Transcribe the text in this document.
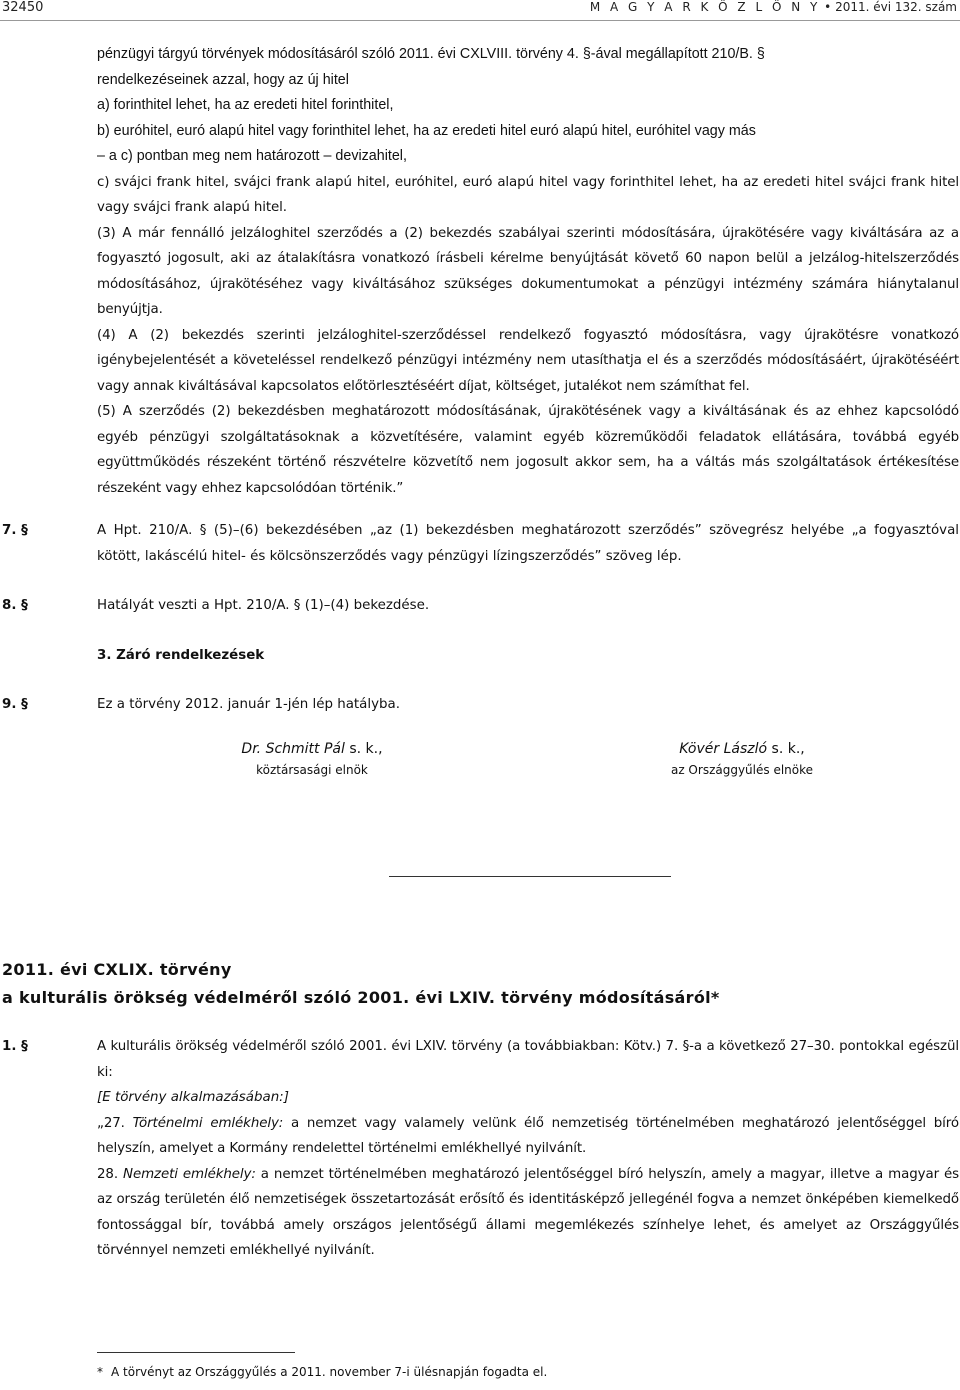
32450	M A G Y A R K Ö Z L Ö N Y • 2011. évi 132. szám

pénzügyi tárgyú törvények módosításáról szóló 2011. évi CXLVIII. törvény 4. §-ával megállapított 210/B. §

rendelkezéseinek azzal, hogy az új hitel

a) forinthitel lehet, ha az eredeti hitel forinthitel,

b) euróhitel, euró alapú hitel vagy forinthitel lehet, ha az eredeti hitel euró alapú hitel, euróhitel vagy más

– a c) pontban meg nem határozott – devizahitel,

c) svájci frank hitel, svájci frank alapú hitel, euróhitel, euró alapú hitel vagy forinthitel lehet, ha az eredeti hitel svájci frank hitel vagy svájci frank alapú hitel.

(3) A már fennálló jelzáloghitel szerződés a (2) bekezdés szabályai szerinti módosítására, újrakötésére vagy kiváltására az a fogyasztó jogosult, aki az átalakításra vonatkozó írásbeli kérelme benyújtását követő 60 napon belül a jelzálog-hitelszerződés módosításához, újrakötéséhez vagy kiváltásához szükséges dokumentumokat a pénzügyi intézmény számára hiánytalanul benyújtja.

(4) A (2) bekezdés szerinti jelzáloghitel-szerződéssel rendelkező fogyasztó módosításra, vagy újrakötésre vonatkozó igénybejelentését a követeléssel rendelkező pénzügyi intézmény nem utasíthatja el és a szerződés módosításáért, újrakötéséért vagy annak kiváltásával kapcsolatos előtörlesztéséért díjat, költséget, jutalékot nem számíthat fel.

(5) A szerződés (2) bekezdésben meghatározott módosításának, újrakötésének vagy a kiváltásának és az ehhez kapcsolódó egyéb pénzügyi szolgáltatásoknak a közvetítésére, valamint egyéb közreműködői feladatok ellátására, továbbá egyéb együttműködés részeként történő részvételre közvetítő nem jogosult akkor sem, ha a váltás más szolgáltatások értékesítése részeként vagy ehhez kapcsolódóan történik.”

7. §	A Hpt. 210/A. § (5)–(6) bekezdésében „az (1) bekezdésben meghatározott szerződés” szövegrész helyébe „a fogyasztóval kötött, lakáscélú hitel- és kölcsönszerződés vagy pénzügyi lízingszerződés” szöveg lép.

8. §	Hatályát veszti a Hpt. 210/A. § (1)–(4) bekezdése.

3. Záró rendelkezések
9. §	Ez a törvény 2012. január 1-jén lép hatályba.

Dr. Schmitt Pál s. k.,
köztársasági elnök
Kövér László s. k.,
az Országgyűlés elnöke
2011. évi CXLIX. törvény
a kulturális örökség védelméről szóló 2001. évi LXIV. törvény módosításáról*
1. §	A kulturális örökség védelméről szóló 2001. évi LXIV. törvény (a továbbiakban: Kötv.) 7. §-a a következő 27–30. pontokkal egészül ki:

[E törvény alkalmazásában:]

„27. Történelmi emlékhely: a nemzet vagy valamely velünk élő nemzetiség történelmében meghatározó jelentőséggel bíró helyszín, amelyet a Kormány rendelettel történelmi emlékhellyé nyilvánít.

28. Nemzeti emlékhely: a nemzet történelmében meghatározó jelentőséggel bíró helyszín, amely a magyar, illetve a magyar és az ország területén élő nemzetiségek összetartozását erősítő és identitásképző jellegénél fogva a nemzet önképében kiemelkedő fontossággal bír, továbbá amely országos jelentőségű állami megemlékezés színhelye lehet, és amelyet az Országgyűlés törvénnyel nemzeti emlékhellyé nyilvánít.

* A törvényt az Országgyűlés a 2011. november 7-i ülésnapján fogadta el.
